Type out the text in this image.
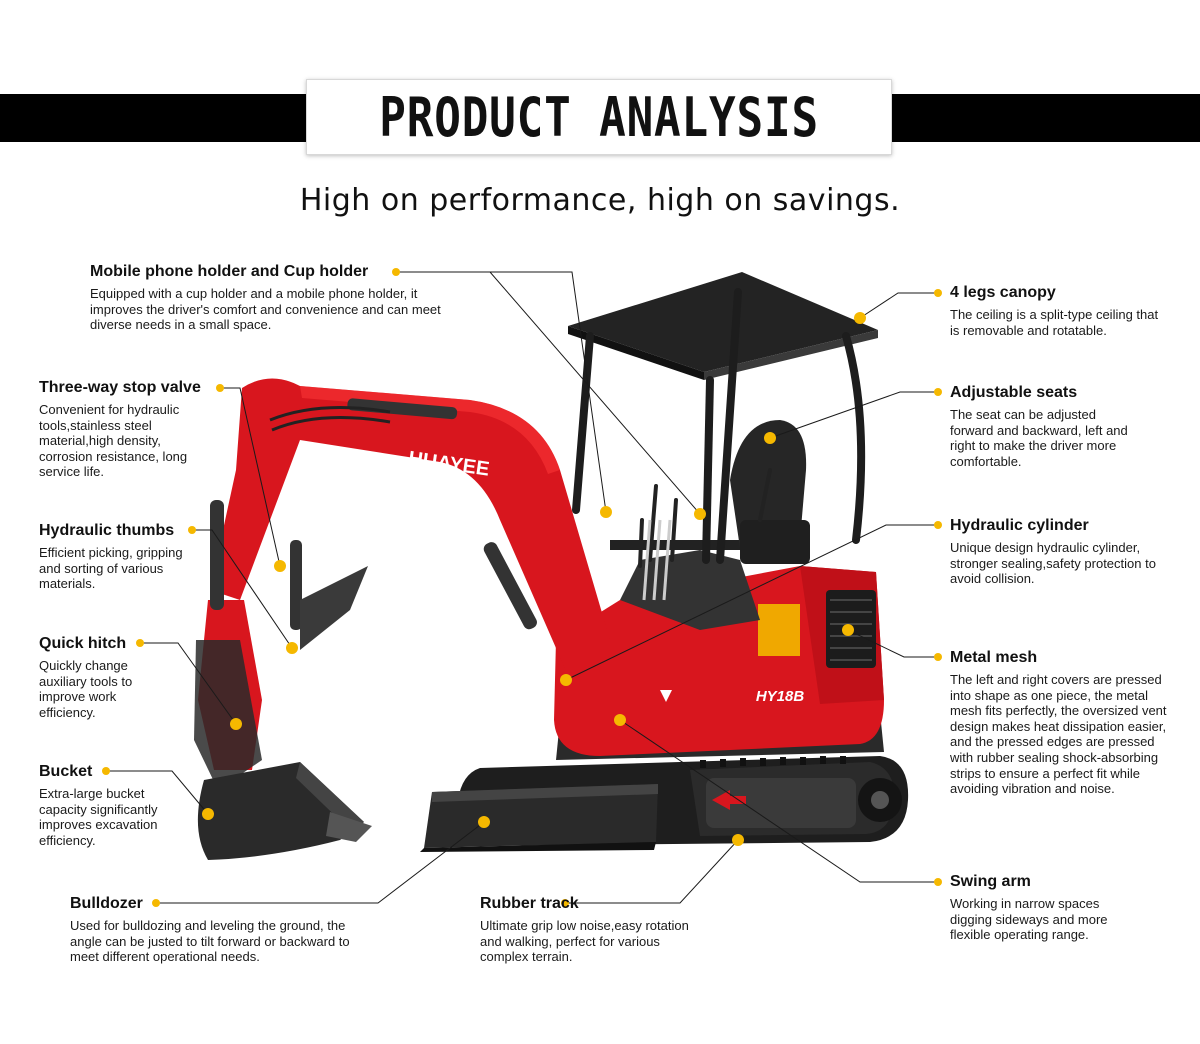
PRODUCT ANALYSIS
High on performance, high on savings.
HY18B
HUAYEE
Mobile phone holder and Cup holder

Equipped with a cup holder and a mobile phone holder, it improves the driver's comfort and convenience and can meet diverse needs in a small space.

4 legs canopy

The ceiling is a split-type ceiling that is removable and rotatable.

Three-way stop valve

Convenient for hydraulic tools,stainless steel material,high density, corrosion resistance, long service life.

Adjustable seats

The seat can be adjusted forward and backward, left and right to make the driver more comfortable.

Hydraulic thumbs

Efficient picking, gripping and sorting of various materials.

Hydraulic cylinder

Unique design hydraulic cylinder, stronger sealing,safety protection to avoid collision.

Quick hitch

Quickly change auxiliary tools to improve work efficiency.

Metal mesh

The left and right covers are pressed into shape as one piece, the metal mesh fits perfectly, the oversized vent design makes heat dissipation easier, and the pressed edges are pressed with rubber sealing shock-absorbing strips to ensure a perfect fit while avoiding vibration and noise.

Bucket

Extra-large bucket capacity significantly improves excavation efficiency.

Bulldozer

Used for bulldozing and leveling the ground, the angle can be justed to tilt forward or backward to meet different operational needs.

Rubber track

Ultimate grip low noise,easy rotation and walking, perfect for various complex terrain.

Swing arm

Working in narrow spaces digging sideways and more flexible operating range.
